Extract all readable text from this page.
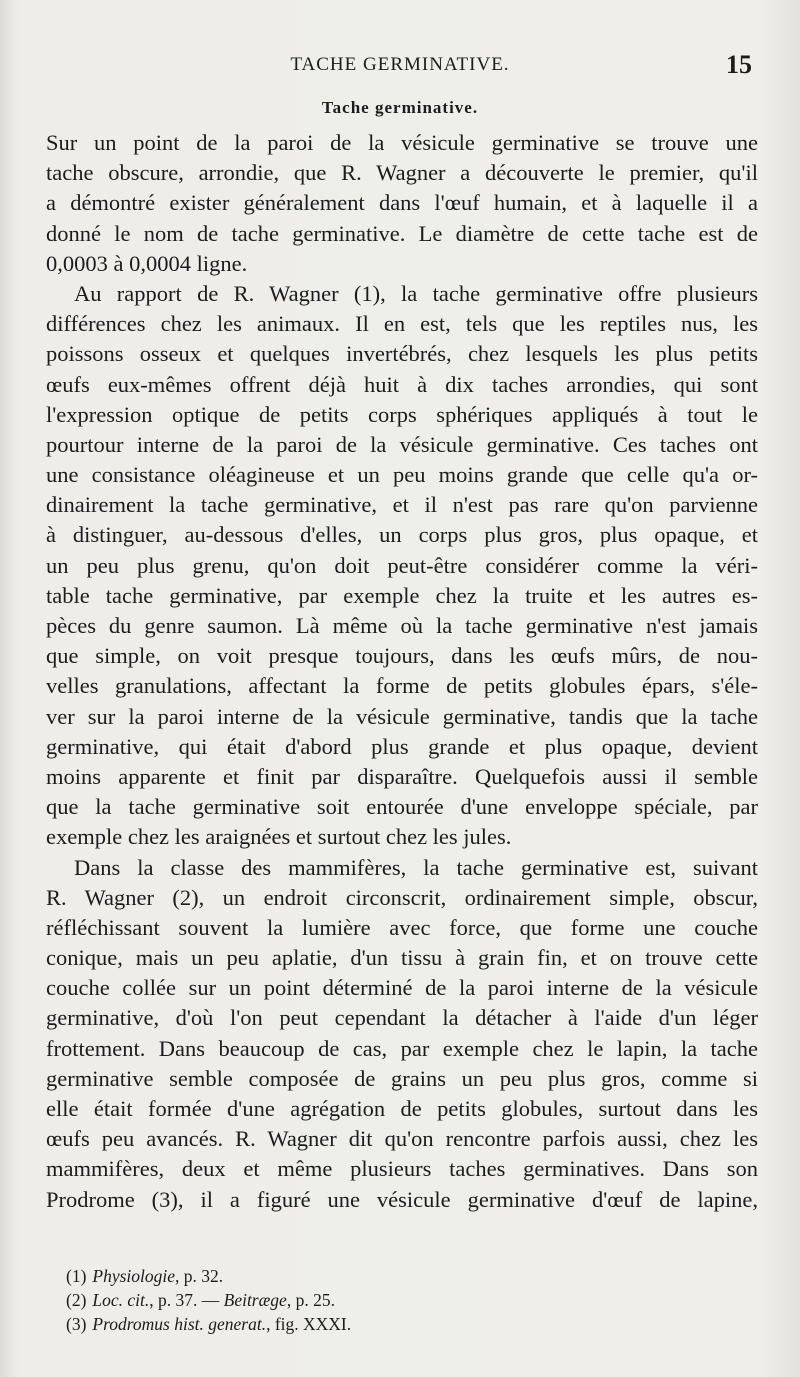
TACHE GERMINATIVE.	15
Tache germinative.
Sur un point de la paroi de la vésicule germinative se trouve une
tache obscure, arrondie, que R. Wagner a découverte le premier, qu'il
a démontré exister généralement dans l'œuf humain, et à laquelle il a
donné le nom de tache germinative. Le diamètre de cette tache est de
0,0003 à 0,0004 ligne.
Au rapport de R. Wagner (1), la tache germinative offre plusieurs
différences chez les animaux. Il en est, tels que les reptiles nus, les
poissons osseux et quelques invertébrés, chez lesquels les plus petits
œufs eux-mêmes offrent déjà huit à dix taches arrondies, qui sont
l'expression optique de petits corps sphériques appliqués à tout le
pourtour interne de la paroi de la vésicule germinative. Ces taches ont
une consistance oléagineuse et un peu moins grande que celle qu'a or-
dinairement la tache germinative, et il n'est pas rare qu'on parvienne
à distinguer, au-dessous d'elles, un corps plus gros, plus opaque, et
un peu plus grenu, qu'on doit peut-être considérer comme la véri-
table tache germinative, par exemple chez la truite et les autres es-
pèces du genre saumon. Là même où la tache germinative n'est jamais
que simple, on voit presque toujours, dans les œufs mûrs, de nou-
velles granulations, affectant la forme de petits globules épars, s'éle-
ver sur la paroi interne de la vésicule germinative, tandis que la tache
germinative, qui était d'abord plus grande et plus opaque, devient
moins apparente et finit par disparaître. Quelquefois aussi il semble
que la tache germinative soit entourée d'une enveloppe spéciale, par
exemple chez les araignées et surtout chez les jules.
Dans la classe des mammifères, la tache germinative est, suivant
R. Wagner (2), un endroit circonscrit, ordinairement simple, obscur,
réfléchissant souvent la lumière avec force, que forme une couche
conique, mais un peu aplatie, d'un tissu à grain fin, et on trouve cette
couche collée sur un point déterminé de la paroi interne de la vésicule
germinative, d'où l'on peut cependant la détacher à l'aide d'un léger
frottement. Dans beaucoup de cas, par exemple chez le lapin, la tache
germinative semble composée de grains un peu plus gros, comme si
elle était formée d'une agrégation de petits globules, surtout dans les
œufs peu avancés. R. Wagner dit qu'on rencontre parfois aussi, chez les
mammifères, deux et même plusieurs taches germinatives. Dans son
Prodrome (3), il a figuré une vésicule germinative d'œuf de lapine,
(1) Physiologie, p. 32.
(2) Loc. cit., p. 37. — Beitræge, p. 25.
(3) Prodromus hist. generat., fig. XXXI.
